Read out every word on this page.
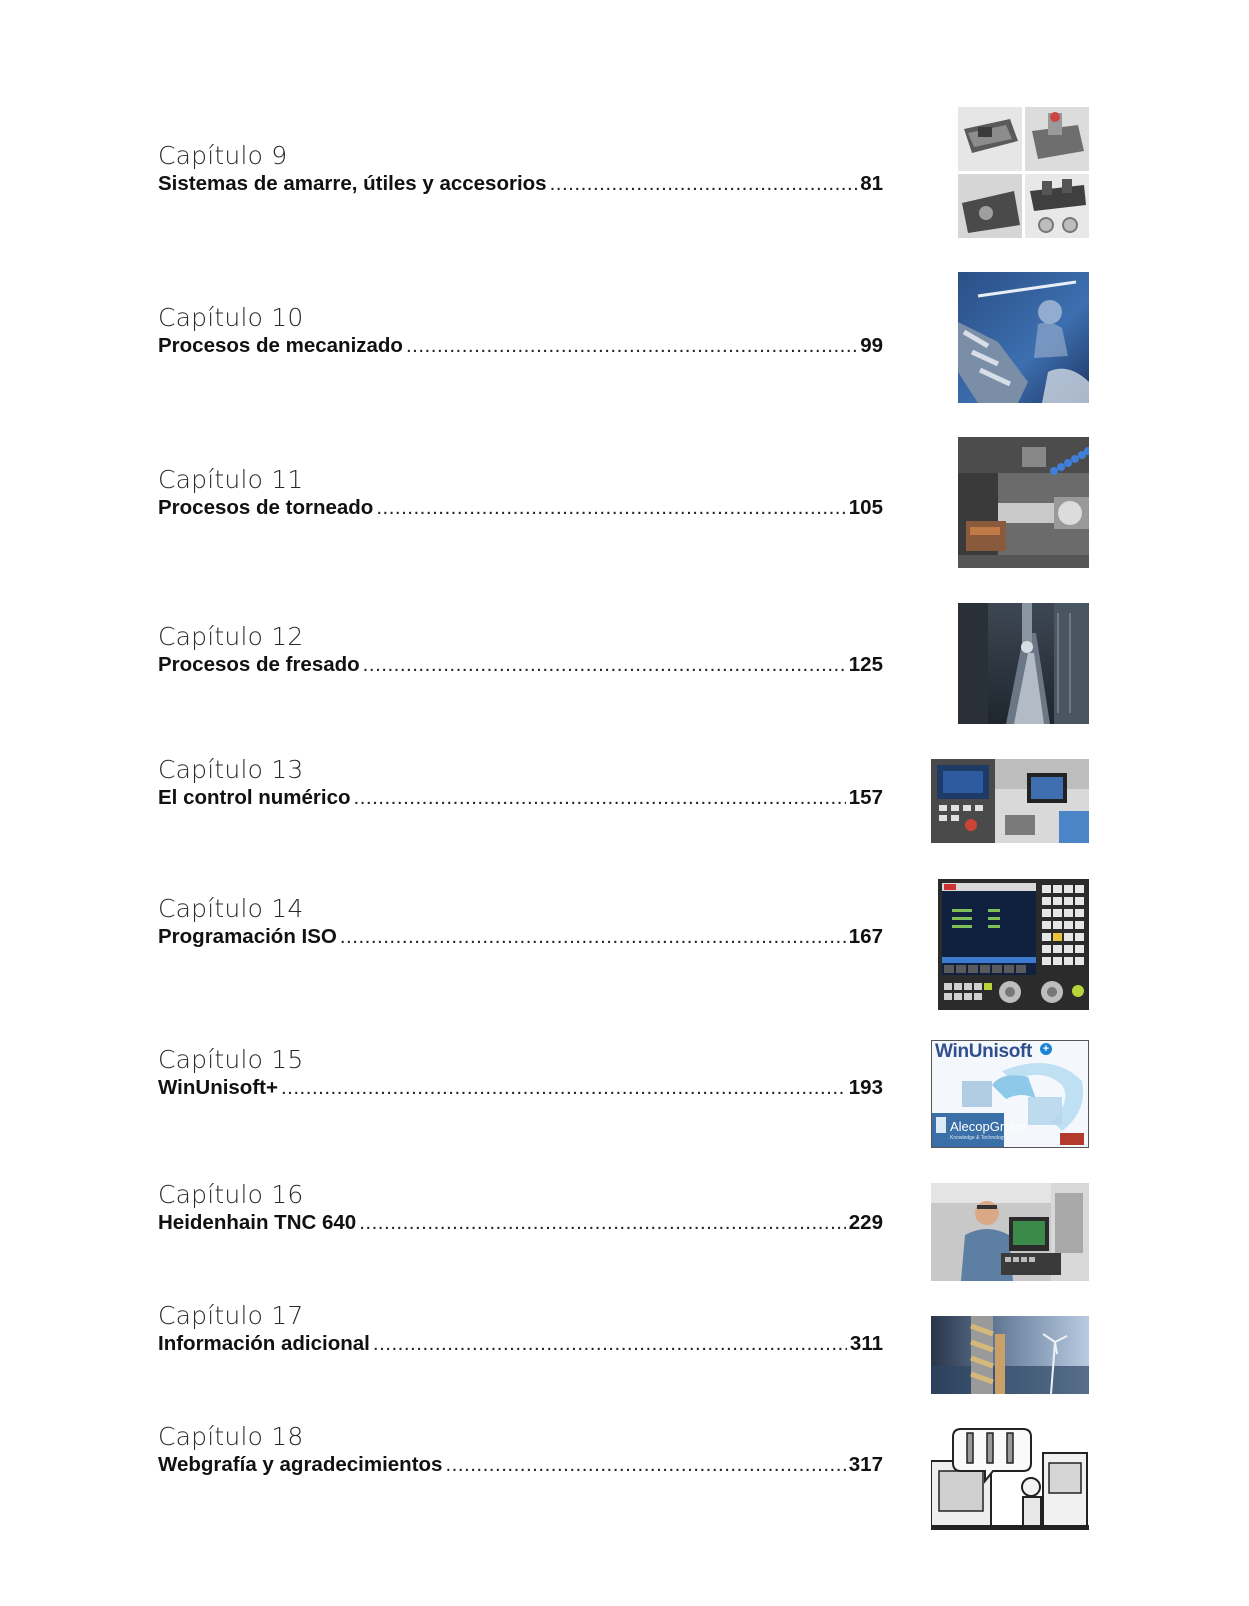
Capítulo 9
Sistemas de amarre, útiles y accesorios .....	81
Capítulo 10
Procesos de mecanizado .....	99
Capítulo 11
Procesos de torneado .....	105
Capítulo 12
Procesos de fresado .....	125
Capítulo 13
El control numérico .....	157
Capítulo 14
Programación ISO .....	167
Capítulo 15
WinUnisoft+ .....	193
Capítulo 16
Heidenhain TNC 640 .....	229
Capítulo 17
Información adicional .....	311
Capítulo 18
Webgrafía y agradecimientos .....	317
WinUnisoft +
AlecopGroup
Knowledge & Technology
